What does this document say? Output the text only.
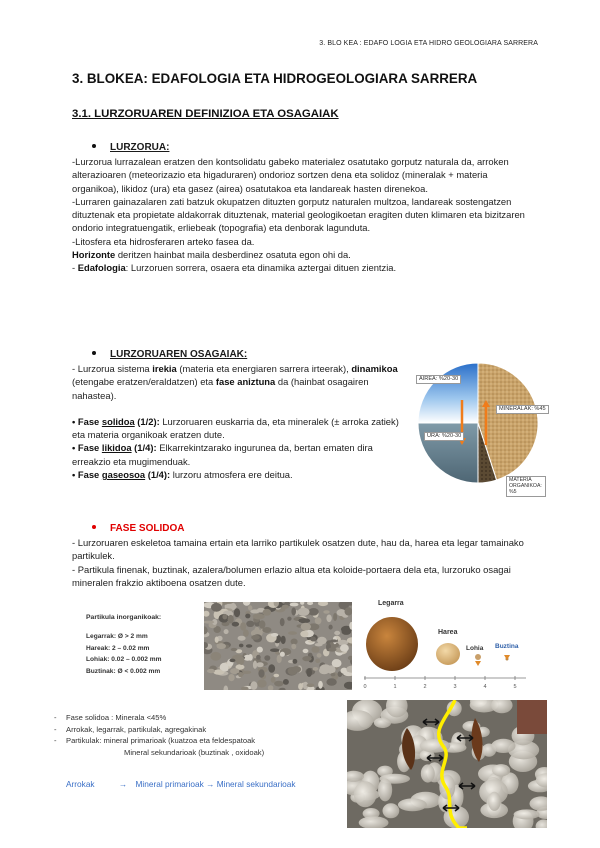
3. BLO KEA : EDAFO LOGIA ETA HIDRO GEOLOGIARA SARRERA
3. BLOKEA: EDAFOLOGIA ETA HIDROGEOLOGIARA SARRERA
3.1. LURZORUAREN DEFINIZIOA ETA OSAGAIAK
LURZORUA:

-Lurzorua lurrazalean eratzen den kontsolidatu gabeko materialez osatutako gorputz naturala da, arroken alterazioaren (meteorizazio eta higaduraren) ondorioz sortzen dena eta solidoz (mineralak + materia organikoa), likidoz (ura) eta gasez (airea) osatutakoa eta landareak hasten direnekoa.

-Lurraren gainazalaren zati batzuk okupatzen dituzten gorputz naturalen multzoa, landareak sostengatzen dituztenak eta propietate aldakorrak dituztenak, material geologikoetan eragiten duten klimaren eta bizitzaren ondorio integratuengatik, erliebeak (topografia) eta denborak lagunduta.

-Litosfera eta hidrosferaren arteko fasea da.

Horizonte deritzen hainbat maila desberdinez osatuta egon ohi da.

- Edafologia: Lurzoruen sorrera, osaera eta dinamika aztergai dituen zientzia.

LURZORUAREN OSAGAIAK:

- Lurzorua sistema irekia (materia eta energiaren sarrera irteerak), dinamikoa (etengabe eratzen/eraldatzen) eta fase aniztuna da (hainbat osagairen nahastea).

• Fase solidoa (1/2): Lurzoruaren euskarria da, eta mineralek (± arroka zatiek) eta materia organikoak eratzen dute.

• Fase likidoa (1/4): Elkarrekintzarako ingurunea da, bertan ematen dira erreakzio eta mugimenduak.

• Fase gaseosoa (1/4): lurzoru atmosfera ere deitua.

AIREA: %20-30
MINERALAK: %45
URA: %20-30
MATERIA ORGANIKOA: %5
FASE SOLIDOA

- Lurzoruaren eskeletoa tamaina ertain eta larriko partikulek osatzen dute, hau da, harea eta legar tamainako partikulek.

- Partikula finenak, buztinak, azalera/bolumen erlazio altua eta koloide-portaera dela eta, lurzoruko osagai mineralen frakzio aktiboena osatzen dute.

Partikula inorganikoak:
Legarrak: Ø > 2 mm
Hareak: 2 – 0.02 mm
Lohiak: 0.02 – 0.002 mm
Buztinak: Ø < 0.002 mm
0	1	2	3	4	5
Legarra
Harea
Lohia Buztina
- Fase solidoa : Minerala <45%
- Arrokak, legarrak, partikulak, agregakinak
- Partikulak: mineral primarioak (kuatzoa eta feldespatoak
Mineral sekundarioak (buztinak , oxidoak)
Arrokak	→ Mineral primarioak → Mineral sekundarioak
